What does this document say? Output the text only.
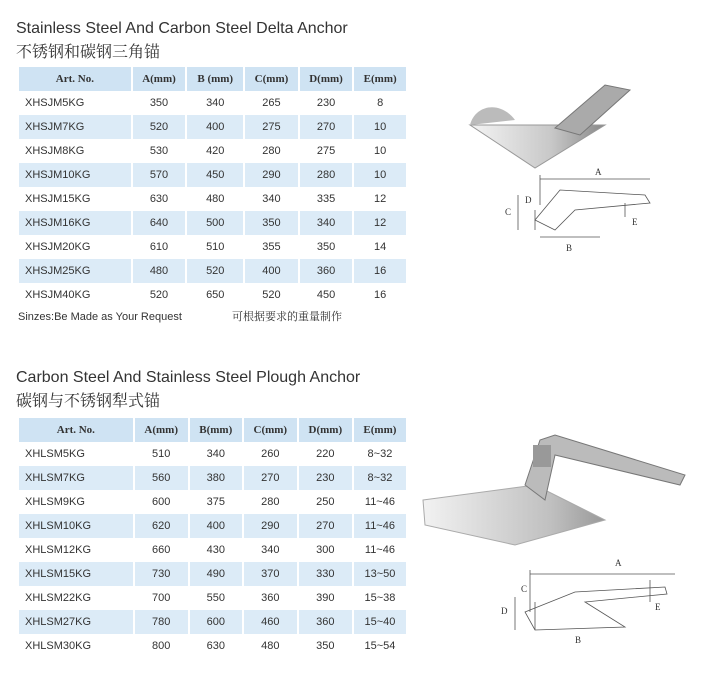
Stainless Steel And Carbon Steel Delta Anchor
不锈钢和碳钢三角锚
Art. No.	A(mm)	B (mm)	C(mm)	D(mm)	E(mm)
XHSJM5KG	350	340	265	230	8
XHSJM7KG	520	400	275	270	10
XHSJM8KG	530	420	280	275	10
XHSJM10KG	570	450	290	280	10
XHSJM15KG	630	480	340	335	12
XHSJM16KG	640	500	350	340	12
XHSJM20KG	610	510	355	350	14
XHSJM25KG	480	520	400	360	16
XHSJM40KG	520	650	520	450	16
Sinzes:Be Made as Your Request	可根据要求的重量制作
A
B
C
D
E
Carbon Steel And Stainless Steel Plough Anchor
碳钢与不锈钢犁式锚
Art. No.	A(mm)	B(mm)	C(mm)	D(mm)	E(mm)
XHLSM5KG	510	340	260	220	8~32
XHLSM7KG	560	380	270	230	8~32
XHLSM9KG	600	375	280	250	11~46
XHLSM10KG	620	400	290	270	11~46
XHLSM12KG	660	430	340	300	11~46
XHLSM15KG	730	490	370	330	13~50
XHLSM22KG	700	550	360	390	15~38
XHLSM27KG	780	600	460	360	15~40
XHLSM30KG	800	630	480	350	15~54
A
B
C
D	E
